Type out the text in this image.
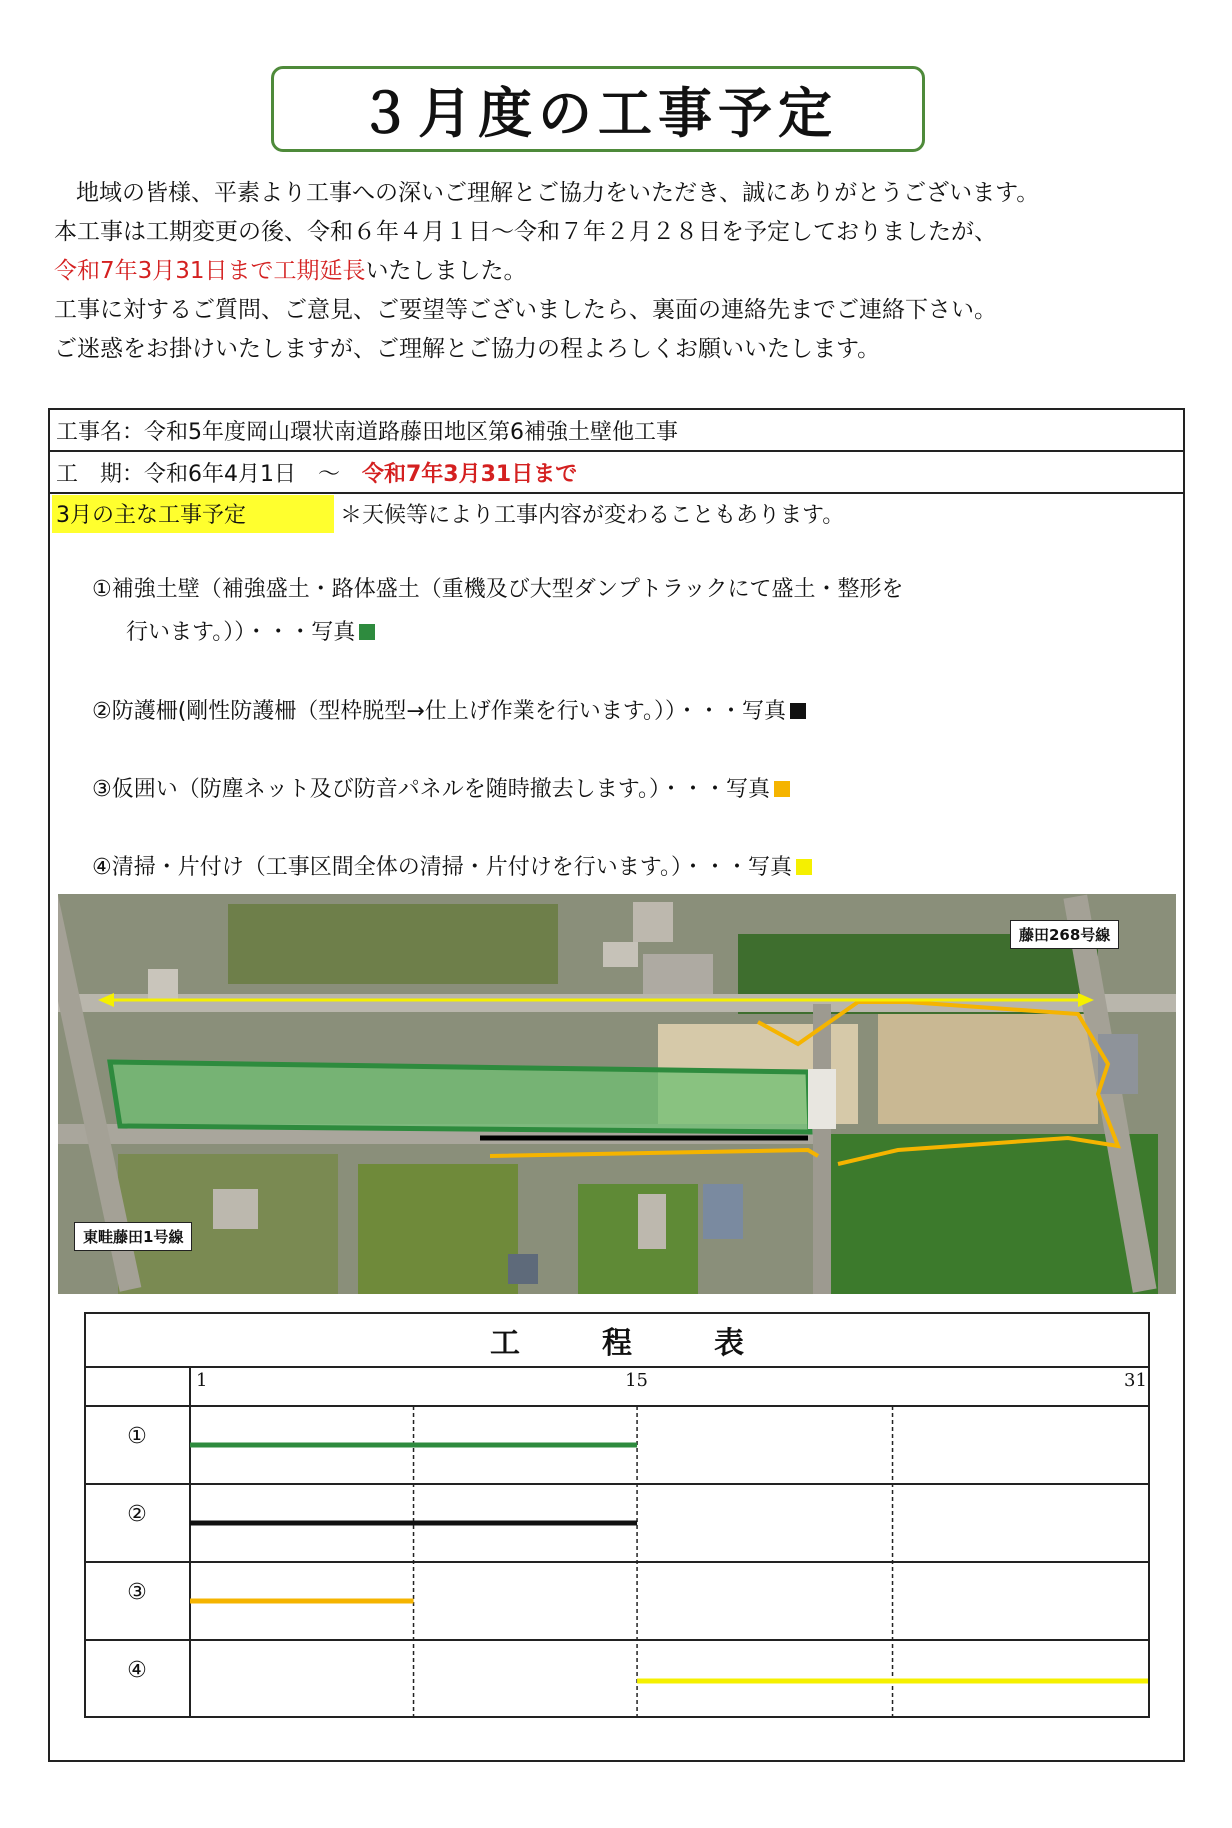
３月度の工事予定

地域の皆様、平素より工事への深いご理解とご協力をいただき、誠にありがとうございます。

本工事は工期変更の後、令和６年４月１日～令和７年２月２８日を予定しておりましたが、

令和7年3月31日まで工期延長いたしました。

工事に対するご質問、ご意見、ご要望等ございましたら、裏面の連絡先までご連絡下さい。

ご迷惑をお掛けいたしますが、ご理解とご協力の程よろしくお願いいたします。

工事名：令和5年度岡山環状南道路藤田地区第6補強土壁他工事
工　期：令和6年4月1日　～ 令和7年3月31日まで
3月の主な工事予定	＊天候等により工事内容が変わることもあります。
①補強土壁（補強盛土・路体盛土（重機及び大型ダンプトラックにて盛土・整形を
行います。））・・・写真
②防護柵(剛性防護柵（型枠脱型→仕上げ作業を行います。））・・・写真
③仮囲い（防塵ネット及び防音パネルを随時撤去します。）・・・写真
④清掃・片付け（工事区間全体の清掃・片付けを行います。）・・・写真
藤田268号線
東畦藤田1号線
工　程　表
1	15	31
①
②
③
④
